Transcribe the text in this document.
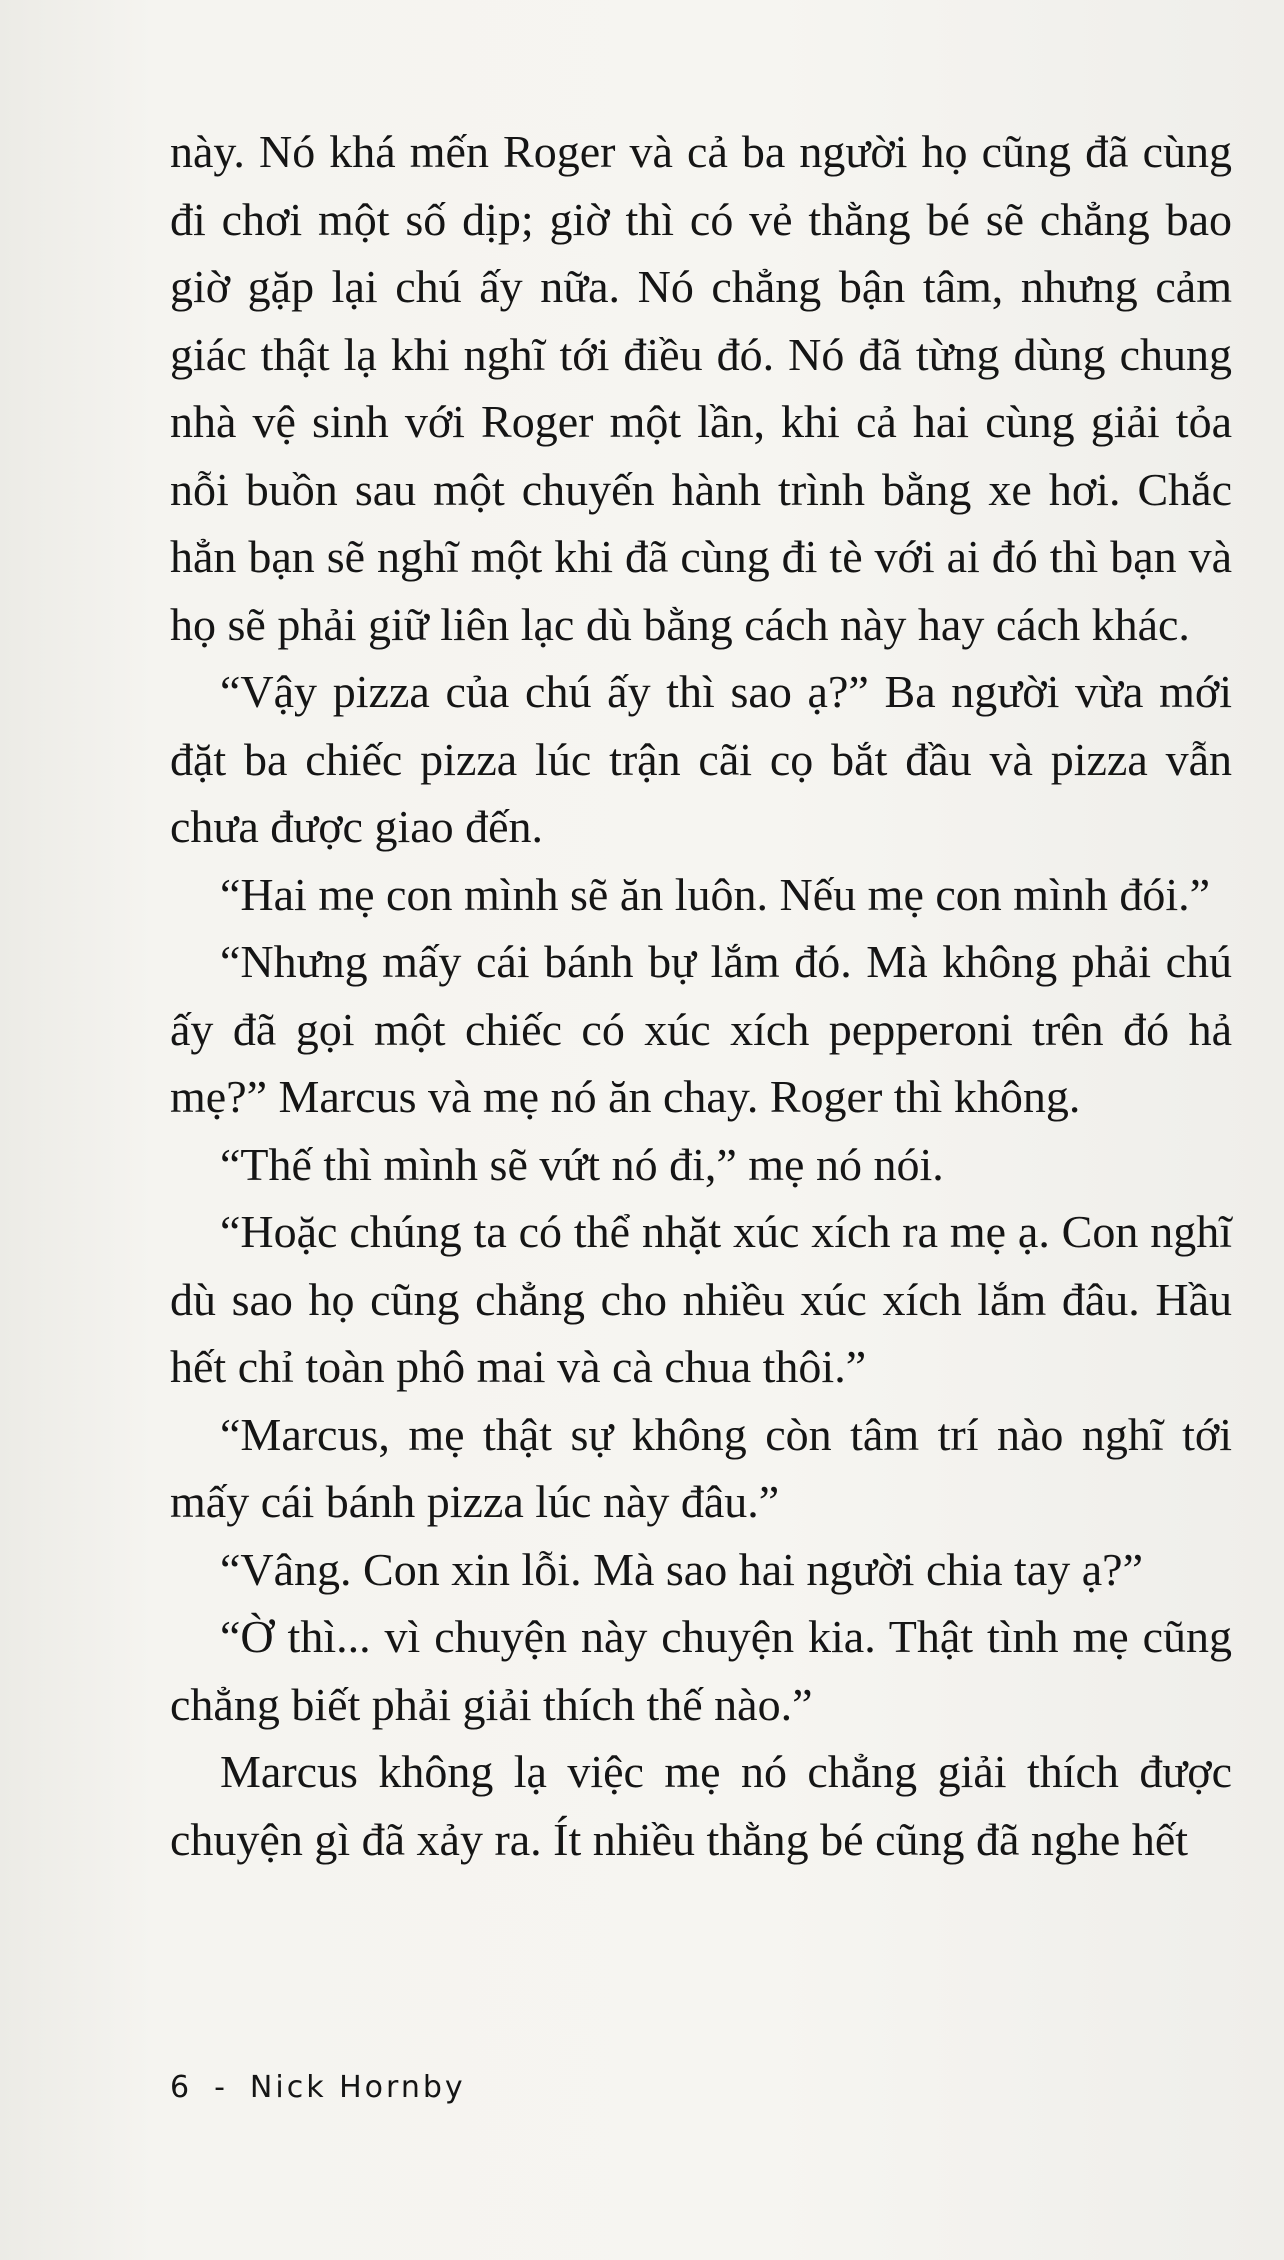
này. Nó khá mến Roger và cả ba người họ cũng đã cùng đi chơi một số dịp; giờ thì có vẻ thằng bé sẽ chẳng bao giờ gặp lại chú ấy nữa. Nó chẳng bận tâm, nhưng cảm giác thật lạ khi nghĩ tới điều đó. Nó đã từng dùng chung nhà vệ sinh với Roger một lần, khi cả hai cùng giải tỏa nỗi buồn sau một chuyến hành trình bằng xe hơi. Chắc hẳn bạn sẽ nghĩ một khi đã cùng đi tè với ai đó thì bạn và họ sẽ phải giữ liên lạc dù bằng cách này hay cách khác.

“Vậy pizza của chú ấy thì sao ạ?” Ba người vừa mới đặt ba chiếc pizza lúc trận cãi cọ bắt đầu và pizza vẫn chưa được giao đến.

“Hai mẹ con mình sẽ ăn luôn. Nếu mẹ con mình đói.”

“Nhưng mấy cái bánh bự lắm đó. Mà không phải chú ấy đã gọi một chiếc có xúc xích pepperoni trên đó hả mẹ?” Marcus và mẹ nó ăn chay. Roger thì không.

“Thế thì mình sẽ vứt nó đi,” mẹ nó nói.

“Hoặc chúng ta có thể nhặt xúc xích ra mẹ ạ. Con nghĩ dù sao họ cũng chẳng cho nhiều xúc xích lắm đâu. Hầu hết chỉ toàn phô mai và cà chua thôi.”

“Marcus, mẹ thật sự không còn tâm trí nào nghĩ tới mấy cái bánh pizza lúc này đâu.”

“Vâng. Con xin lỗi. Mà sao hai người chia tay ạ?”

“Ờ thì... vì chuyện này chuyện kia. Thật tình mẹ cũng chẳng biết phải giải thích thế nào.”

Marcus không lạ việc mẹ nó chẳng giải thích được chuyện gì đã xảy ra. Ít nhiều thằng bé cũng đã nghe hết

6 - Nick Hornby
